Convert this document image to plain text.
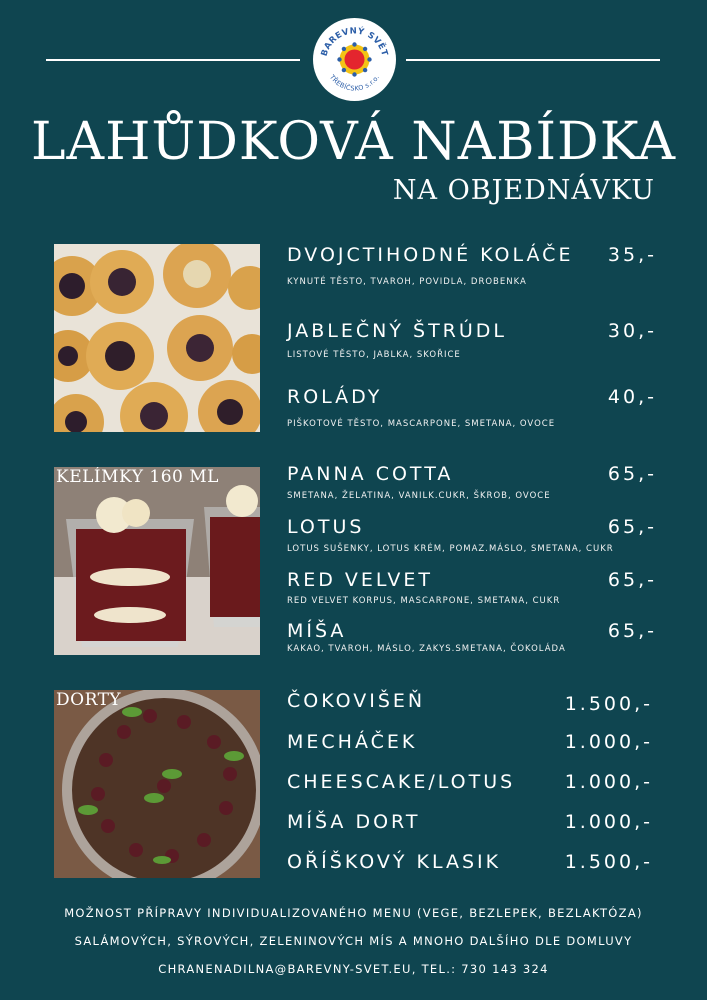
BAREVNÝ SVĚT
TŘEBÍČSKO s.r.o.
LAHŮDKOVÁ NABÍDKA
NA OBJEDNÁVKU
KELÍMKY 160 ML
DORTY
DVOJCTIHODNÉ KOLÁČE 35,-
KYNUTÉ TĚSTO, TVAROH, POVIDLA, DROBENKA
JABLEČNÝ ŠTRÚDL	30,-
LISTOVÉ TĚSTO, JABLKA, SKOŘICE
ROLÁDY	40,-
PIŠKOTOVÉ TĚSTO, MASCARPONE, SMETANA, OVOCE
PANNA COTTA	65,-
SMETANA, ŽELATINA, VANILK.CUKR, ŠKROB, OVOCE
LOTUS	65,-
LOTUS SUŠENKY, LOTUS KRÉM, POMAZ.MÁSLO, SMETANA, CUKR
RED VELVET	65,-
RED VELVET KORPUS, MASCARPONE, SMETANA, CUKR
MÍŠA	65,-
KAKAO, TVAROH, MÁSLO, ZAKYS.SMETANA, ČOKOLÁDA
ČOKOVIŠEŇ	1.500,-
MECHÁČEK	1.000,-
CHEESCAKE/LOTUS	1.000,-
MÍŠA DORT	1.000,-
OŘÍŠKOVÝ KLASIK	1.500,-
MOŽNOST PŘÍPRAVY INDIVIDUALIZOVANÉHO MENU (VEGE, BEZLEPEK, BEZLAKTÓZA)
SALÁMOVÝCH, SÝROVÝCH, ZELENINOVÝCH MÍS A MNOHO DALŠÍHO DLE DOMLUVY
CHRANENADILNA@BAREVNY-SVET.EU, TEL.: 730 143 324
